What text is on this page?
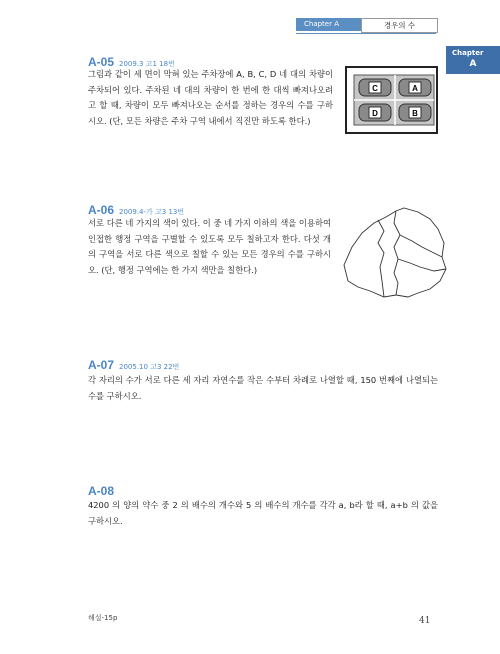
Chapter A	경우의 수
Chapter
A
A-05 2009.3 고1 18번
그림과 같이 세 면이 막혀 있는 주차장에 A, B, C, D 네 대의 차량이 주차되어 있다. 주차된 네 대의 차량이 한 번에 한 대씩 빠져나오려고 할 때, 차량이 모두 빠져나오는 순서를 정하는 경우의 수를 구하시오. (단, 모든 차량은 주차 구역 내에서 직진만 하도록 한다.)
C	A
D	B
A-06 2009.4-가 고3 13번
서로 다른 네 가지의 색이 있다. 이 중 네 가지 이하의 색을 이용하여 인접한 행정 구역을 구별할 수 있도록 모두 칠하고자 한다. 다섯 개의 구역을 서로 다른 색으로 칠할 수 있는 모든 경우의 수를 구하시오. (단, 행정 구역에는 한 가지 색만을 칠한다.)
A-07 2005.10 고3 22번
각 자리의 수가 서로 다른 세 자리 자연수를 작은 수부터 차례로 나열할 때, 150 번째에 나열되는 수를 구하시오.
A-08
4200 의 양의 약수 중 2 의 배수의 개수와 5 의 배수의 개수를 각각 a, b라 할 때, a+b 의 값을 구하시오.
해설-15p	41
